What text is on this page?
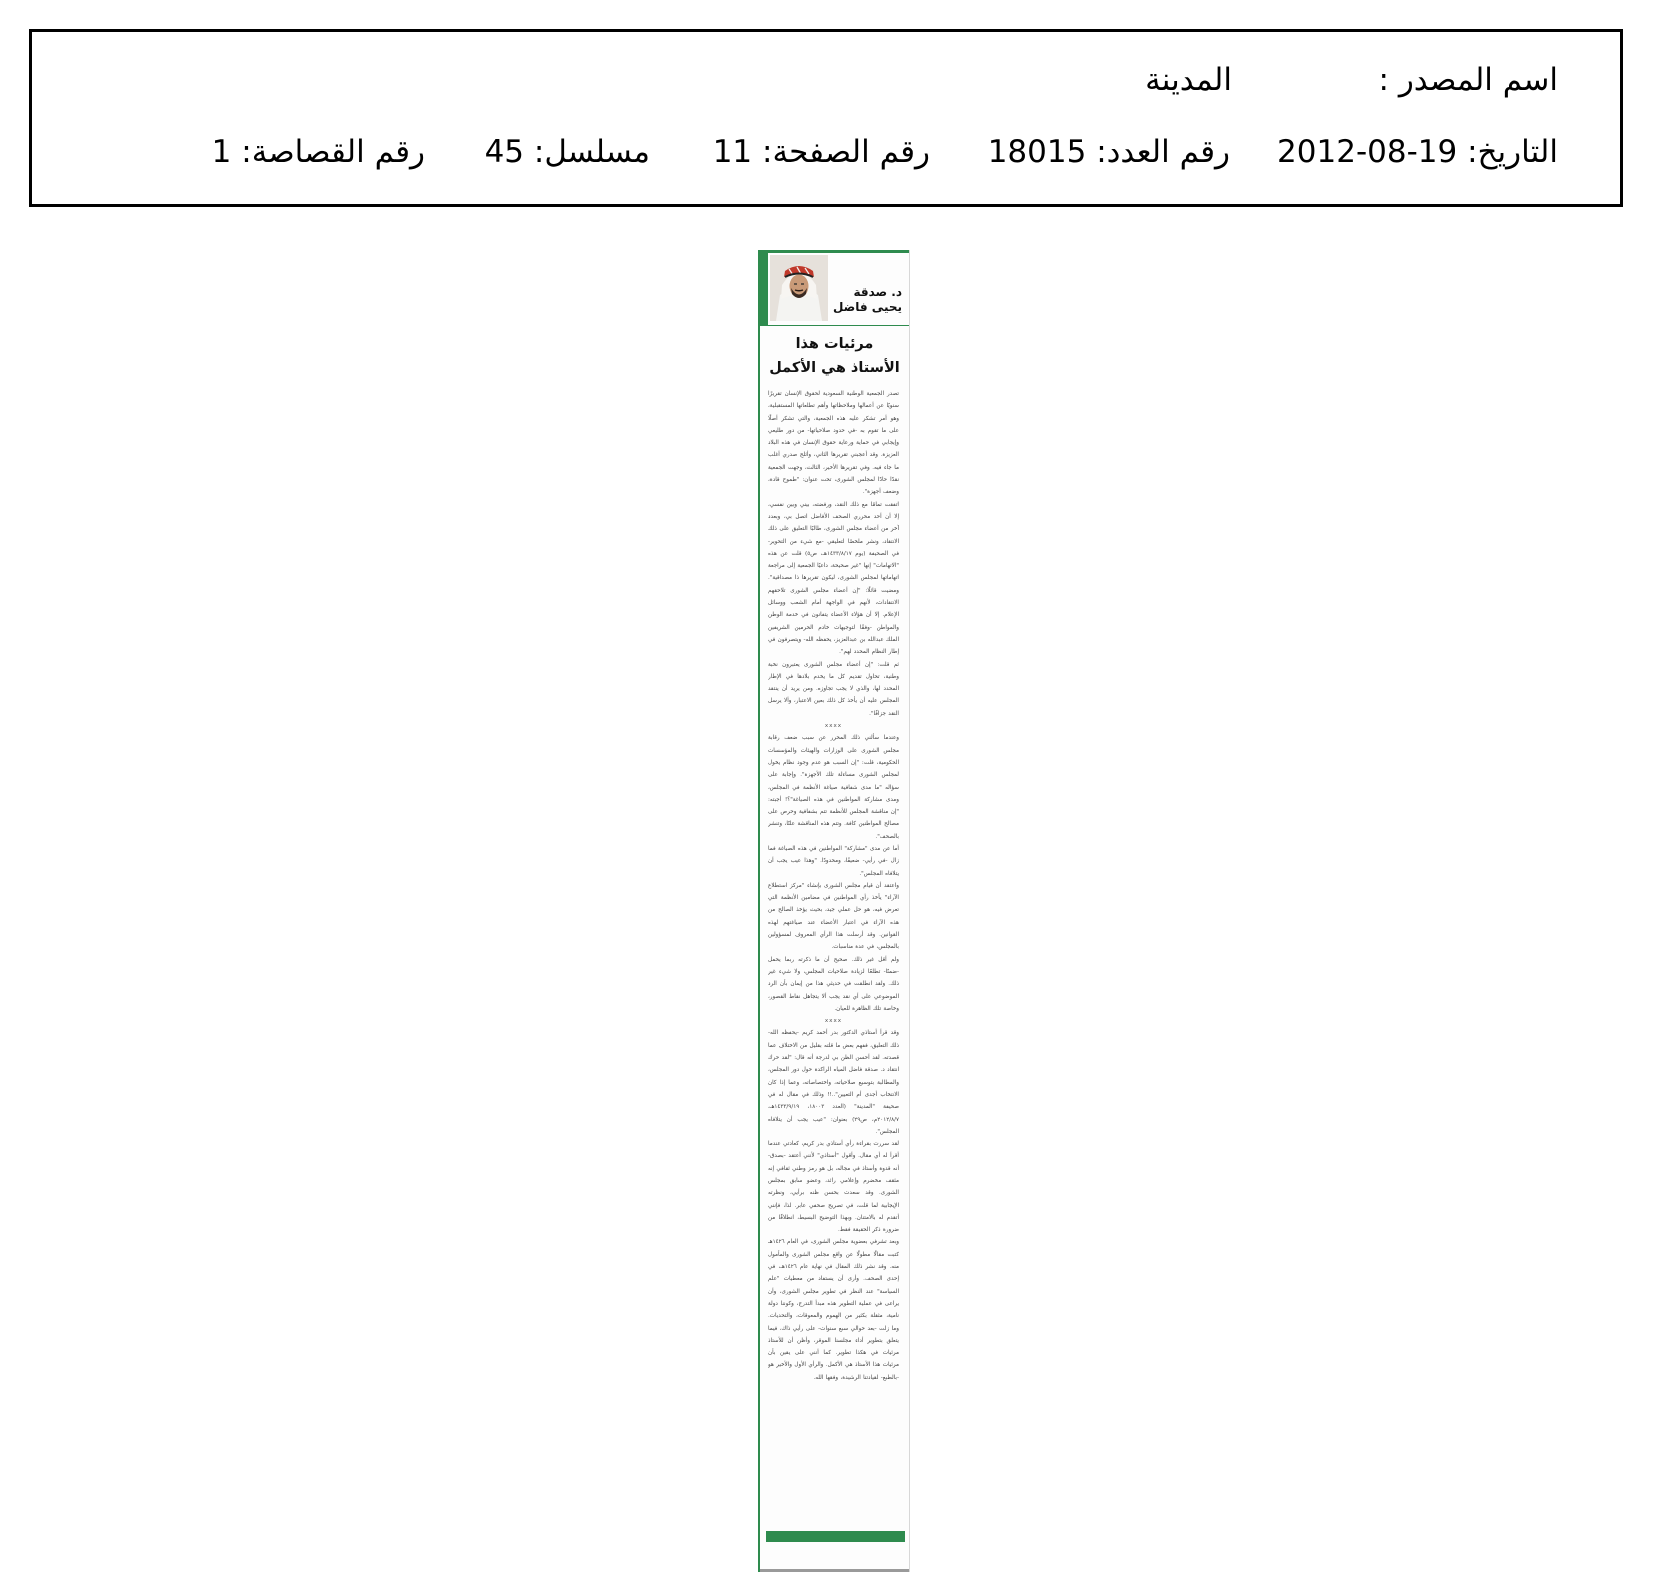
اسم المصدر :
المدينة
التاريخ: 2012-08-19
رقم العدد: 18015
رقم الصفحة: 11
مسلسل: 45
رقم القصاصة: 1
د. صدقة
يحيى فاضل
مرئيات هذا
الأستاذ هي الأكمل

تصدر الجمعية الوطنية السعودية لحقوق الإنسان تقريرًا سنويًا عن أعمالها وملاحظاتها وأهم تطلعاتها المستقبلية، وهو أمر تشكر عليه هذه الجمعية، والتي تشكر أصلًا على ما تقوم به -في حدود صلاحياتها- من دور طليعي وإيجابي في حماية ورعاية حقوق الإنسان في هذه البلاد العزيزة. وقد أعجبني تقريرها الثاني، وأثلج صدري أغلب ما جاء فيه. وفي تقريرها الأخير، الثالث، وجهت الجمعية نقدًا حادًا لمجلس الشورى، تحت عنوان: "طموح قادة، وضعف أجهزة".

اتفقت تمامًا مع ذلك النقد، ورفضته، بيني وبين نفسي، إلا أن أحد محرري الصحف الأفاضل اتصل بي، وبعدد آخر من أعضاء مجلس الشورى، طالبًا التعليق على ذلك الانتقاد، ونشر ملخصًا لتعليقي -مع شيء من التحوير- في الصحيفة (يوم ١٤٣٣/٨/١٧هـ، ص٥) قلت عن هذه "الاتهامات" إنها "غير صحيحة، داعيًا الجمعية إلى مراجعة اتهاماتها لمجلس الشورى، ليكون تقريرها ذا مصداقية". ومضيت قائلًا: "إن أعضاء مجلس الشورى تلاحقهم الانتقادات، لأنهم في الواجهة أمام الشعب ووسائل الإعلام. إلا أن هؤلاء الأعضاء يتفانون في خدمة الوطن والمواطن -وفقًا لتوجيهات خادم الحرمين الشريفين الملك عبدالله بن عبدالعزيز، يحفظه الله- ويتصرفون في إطار النظام المحدد لهم".

ثم قلت: "إن أعضاء مجلس الشورى يعتبرون نخبة وطنية، تحاول تقديم كل ما يخدم بلادها في الإطار المحدد لها، والذي لا يجب تجاوزه. ومن يريد أن ينتقد المجلس عليه أن يأخذ كل ذلك بعين الاعتبار، وألا يرسل النقد جزافًا".

xxxx

وعندما سألني ذلك المحرر عن سبب ضعف رقابة مجلس الشورى على الوزارات والهيئات والمؤسسات الحكومية، قلت: "إن السبب هو عدم وجود نظام يخول لمجلس الشورى مساءلة تلك الأجهزة". وإجابة على سؤاله "ما مدى شفافية صياغة الأنظمة في المجلس، ومدى مشاركة المواطنين في هذه الصياغة"؟! أجبته: "إن مناقشة المجلس للأنظمة تتم بشفافية وحرص على مصالح المواطنين كافة. وتتم هذه المناقشة علنًا، وتنشر بالصحف".

أما عن مدى "مشاركة" المواطنين في هذه الصياغة فما زال -في رأيي- ضعيفًا، ومحدودًا. "وهذا عيب يجب أن يتلافاه المجلس".

واعتقد أن قيام مجلس الشورى بإنشاء "مركز استطلاع الآراء" يأخذ رأي المواطنين في مضامين الأنظمة التي تعرض فيه، هو حل عملي جيد، بحيث يؤخذ الصالح من هذه الآراء في اعتبار الأعضاء عند صياغتهم لهذه القوانين. وقد أرسلت هذا الرأي المعروف لمسؤولين بالمجلس، في عدة مناسبات.

ولم أقل غير ذلك. صحيح أن ما ذكرته ربما يحمل -ضمنًا- تطلعًا لزيادة صلاحيات المجلس، ولا شيء غير ذلك. ولقد انطلقت في حديثي هذا من إيمان بأن الرد الموضوعي على أي نقد يجب ألا يتجاهل نقاط القصور، وخاصة تلك الظاهرة للعيان.

xxxx

وقد قرأ أستاذي الدكتور بدر أحمد كريم -يحفظه الله- ذلك التعليق، ففهم بعض ما قلته بقليل من الاختلاف عما قصدته. لقد أحسن الظن بي لدرجة أنه قال: "لقد حرك انتقاد د. صدقة فاضل المياه الراكدة حول دور المجلس، والمطالبة بتوسيع صلاحياته، واختصاصاته، وعما إذا كان الانتخاب أجدى أم التعيين"..!! وذلك في مقال له في صحيفة "المدينة" (العدد ١٨٠٠٣، ١٤٣٣/٩/١٩هـ، ٢٠١٢/٨/٧م، ص٢٩) بعنوان: "عيب يجب أن يتلافاه المجلس".

لقد سررت بقراءة رأي أستاذي بدر كريم، كعادتي عندما أقرأ له أي مقال. وأقول "أستاذي" لأنني أعتقد -بصدق- أنه قدوة وأستاذ في مجاله، بل هو رمز وطني ثقافي إنه مثقف مخضرم وإعلامي رائد، وعضو سابق بمجلس الشورى. وقد سعدت بحسن ظنه برأيي، ونظرته الإيجابية لما قلت، في تصريح صحفي عابر. لذا، فإنني أتقدم له بالامتنان. وبهذا التوضيح البسيط، انطلاقًا من ضرورة ذكر الحقيقة فقط.

وبعد تشرفي بعضوية مجلس الشورى، في العام ١٤٢٦هـ كتبت مقالًا مطولًا عن واقع مجلس الشورى والمأمول منه. وقد نشر ذلك المقال في نهاية عام ١٤٢٦هـ، في إحدى الصحف. وأرى أن يستفاد من معطيات "علم السياسة" عند النظر في تطوير مجلس الشورى، وأن يراعى في عملية التطوير هذه مبدأ التدرج، وكوننا دولة نامية، مثقلة بكثير من الهموم والمعوقات، والتحديات. وما زلت -بعد حوالي سبع سنوات- على رأيي ذاك، فيما يتعلق بتطوير أداء مجلسنا الموقر، وأظن أن للأستاذ مرئيات في هكذا تطوير. كما أنني على يقين بأن مرئيات هذا الأستاذ هي الأكمل. والرأي الأول والأخير هو -بالطبع- لقيادتنا الرشيدة، وفقها الله.
